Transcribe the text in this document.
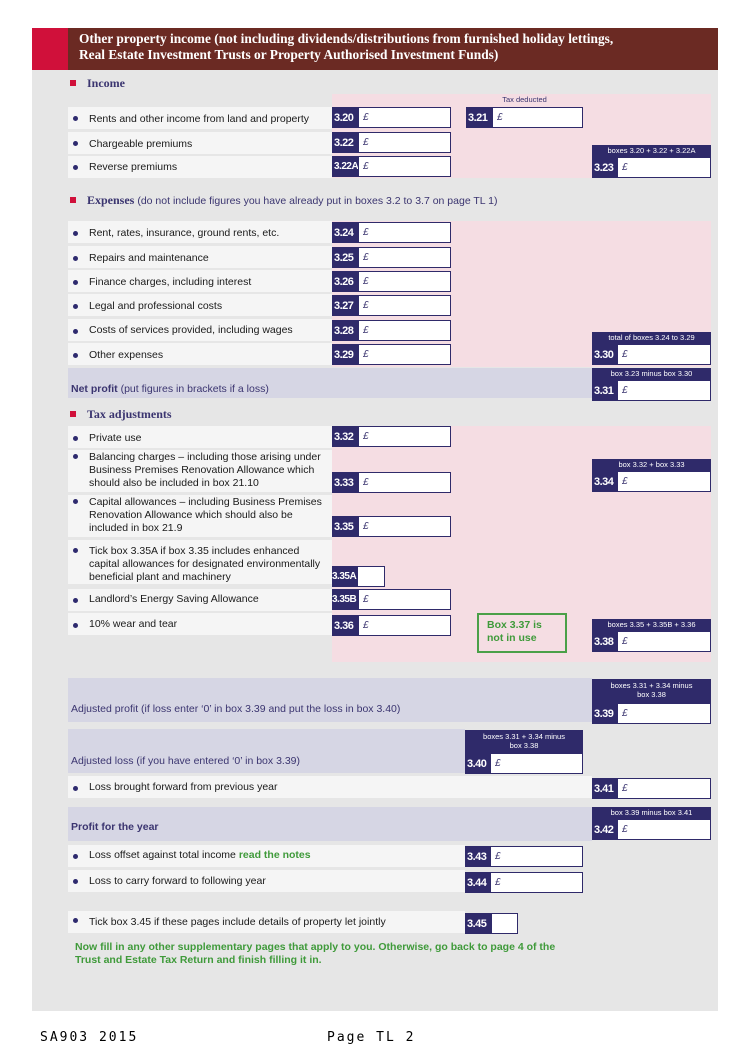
Other property income (not including dividends/distributions from furnished holiday lettings,
Real Estate Investment Trusts or Property Authorised Investment Funds)
Income
Tax deducted
Rents and other income from land and property 3.20 £	3.21 £
Chargeable premiums	3.22 £
Reverse premiums	3.22A £
boxes 3.20 + 3.22 + 3.22A
3.23 £
Expenses (do not include figures you have already put in boxes 3.2 to 3.7 on page TL 1)
Rent, rates, insurance, ground rents, etc.	3.24 £
Repairs and maintenance	3.25 £
Finance charges, including interest	3.26 £
Legal and professional costs	3.27 £
Costs of services provided, including wages	3.28 £
Other expenses	3.29 £
total of boxes 3.24 to 3.29
3.30 £
Net profit (put figures in brackets if a loss)
box 3.23 minus box 3.30
3.31 £
Tax adjustments
Private use	3.32 £
Balancing charges – including those arising under
Business Premises Renovation Allowance which
should also be included in box 21.10	3.33 £
box 3.32 + box 3.33
3.34 £
Capital allowances – including Business Premises
Renovation Allowance which should also be
included in box 21.9	3.35 £
Tick box 3.35A if box 3.35 includes enhanced
capital allowances for designated environmentally
beneficial plant and machinery	3.35A
Landlord’s Energy Saving Allowance	3.35B £
10% wear and tear	3.36 £	Box 3.37 is
not in use
boxes 3.35 + 3.35B + 3.36
3.38 £
Adjusted profit (if loss enter ‘0’ in box 3.39 and put the loss in box 3.40)
boxes 3.31 + 3.34 minus
box 3.38
3.39 £
Adjusted loss (if you have entered ‘0’ in box 3.39)
boxes 3.31 + 3.34 minus
box 3.38
3.40 £
Loss brought forward from previous year	3.41 £
Profit for the year
box 3.39 minus box 3.41
3.42 £
Loss offset against total income read the notes	3.43 £
Loss to carry forward to following year	3.44 £
Tick box 3.45 if these pages include details of property let jointly	3.45
Now fill in any other supplementary pages that apply to you. Otherwise, go back to page 4 of the
Trust and Estate Tax Return and finish filling it in.
SA903 2015	Page TL 2
